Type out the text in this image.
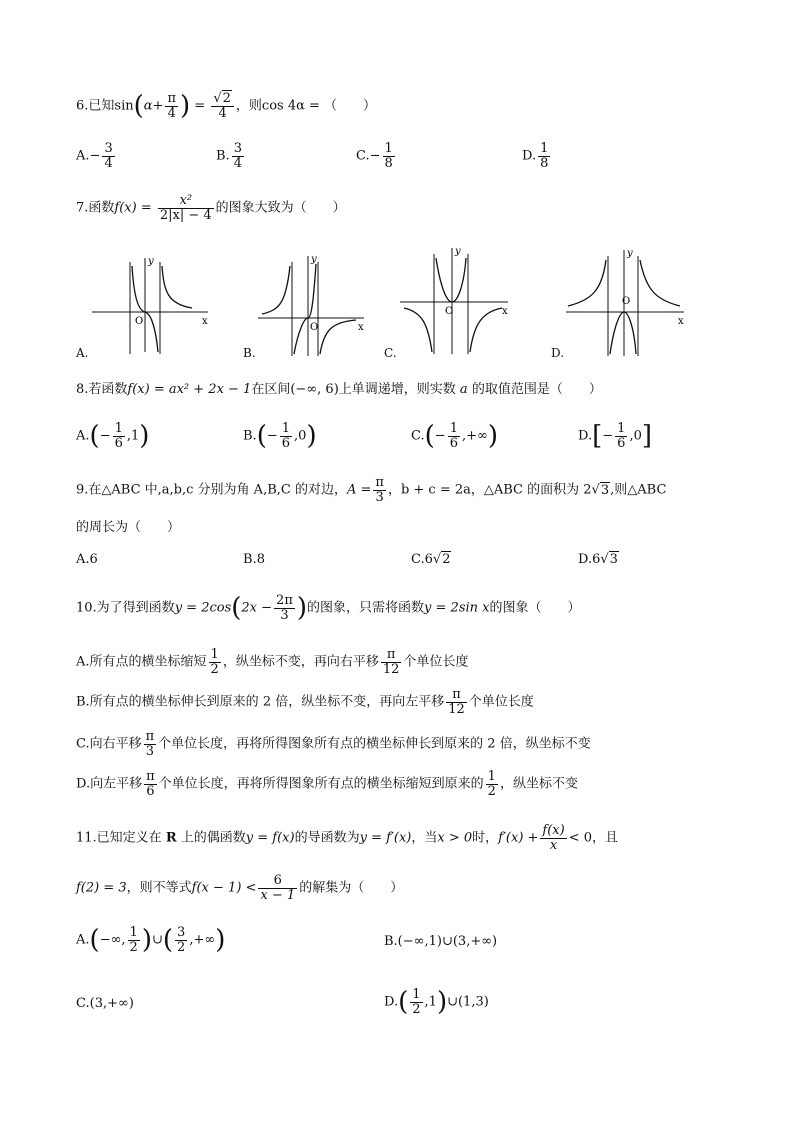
6.已知$\sin(\alpha+ \frac{\pi}{4}$ ) = $\frac{√2}{4}$ ，则cos 4α = （　　）
$A.- \frac{3}{4}$	B. $\frac{3}{4}$	$C.- \frac{1}{8}$	D. $\frac{1}{8}$
7.函数$f(x) = \frac{\text{x²}}{2|x| - 4}$ 的图象大致为（　　）
y
x
O
y
x
O
y
x
O
y
x
O
A.	B.	C.	D.
8.若函数f(x) = ax² + 2x − 1在区间(−∞, 6)上单调递增，则实数 a 的取值范围是（　　）
$A.(- \frac{1}{6} ,1)$	$B.(- \frac{1}{6} ,0)$	$C.(- \frac{1}{6}$ ,+∞)	$D.[- \frac{1}{6} ,0]$
9.在△ABC 中,a,b,c 分别为角 A,B,C 的对边，$A = \frac{\pi}{3}$ ，b + c = 2a，△ABC 的面积为 2√3,则△ABC
的周长为（　　）
A.6	B.8	C.6√2	D.6√3
10.为了得到函数$y = 2\cos(2x - \frac{2\pi}{3}$ )的图象，只需将函数y = 2sin x的图象（　　）
A.所有点的横坐标缩短 $\frac{1}{2}$ ，纵坐标不变，再向右平移 $\frac{\pi}{12}$ 个单位长度
B.所有点的横坐标伸长到原来的 2 倍，纵坐标不变，再向左平移 $\frac{\pi}{12}$ 个单位长度
C.向右平移 $\frac{\pi}{3}$ 个单位长度，再将所得图象所有点的横坐标伸长到原来的 2 倍，纵坐标不变
D.向左平移 $\frac{\pi}{6}$ 个单位长度，再将所得图象所有点的横坐标缩短到原来的 $\frac{1}{2}$ ，纵坐标不变
11.已知定义在 R 上的偶函数y = f(x)的导函数为y = f′(x)，当x > 0时，$f'(x) + \frac{f(x)}{x} < 0$，且
f(2) = 3，则不等式$f(x - 1) < \frac{6}{x - 1}$ 的解集为（　　）
A.(−∞, $\frac{1}{2}$ )∪( $\frac{3}{2}$ ,+∞)	B.(−∞,1)∪(3,+∞)
C.(3,+∞)	$D.( \frac{1}{2}$ ,1)∪(1,3)
